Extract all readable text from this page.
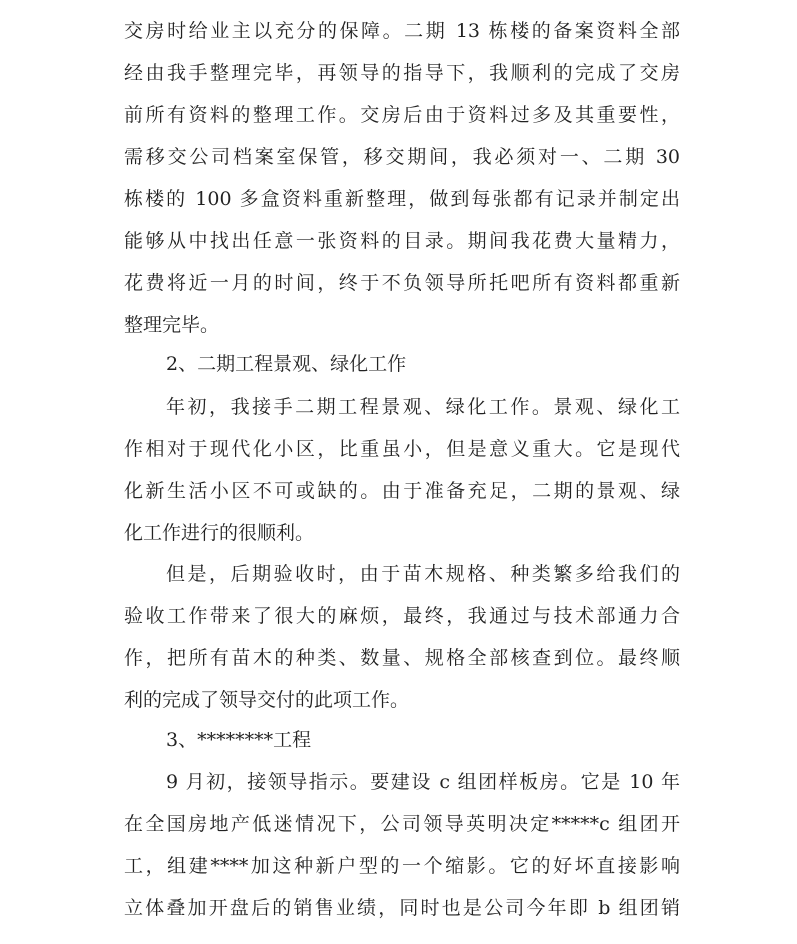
交房时给业主以充分的保障。二期 13 栋楼的备案资料全部
经由我手整理完毕，再领导的指导下，我顺利的完成了交房
前所有资料的整理工作。交房后由于资料过多及其重要性，
需移交公司档案室保管，移交期间，我必须对一、二期 30
栋楼的 100 多盒资料重新整理，做到每张都有记录并制定出
能够从中找出任意一张资料的目录。期间我花费大量精力，
花费将近一月的时间，终于不负领导所托吧所有资料都重新
整理完毕。
2、二期工程景观、绿化工作
年初，我接手二期工程景观、绿化工作。景观、绿化工
作相对于现代化小区，比重虽小，但是意义重大。它是现代
化新生活小区不可或缺的。由于准备充足，二期的景观、绿
化工作进行的很顺利。
但是，后期验收时，由于苗木规格、种类繁多给我们的
验收工作带来了很大的麻烦，最终，我通过与技术部通力合
作，把所有苗木的种类、数量、规格全部核查到位。最终顺
利的完成了领导交付的此项工作。
3、********工程
9 月初，接领导指示。要建设 c 组团样板房。它是 10 年
在全国房地产低迷情况下，公司领导英明决定*****c 组团开
工，组建****加这种新户型的一个缩影。它的好坏直接影响
立体叠加开盘后的销售业绩，同时也是公司今年即 b 组团销
